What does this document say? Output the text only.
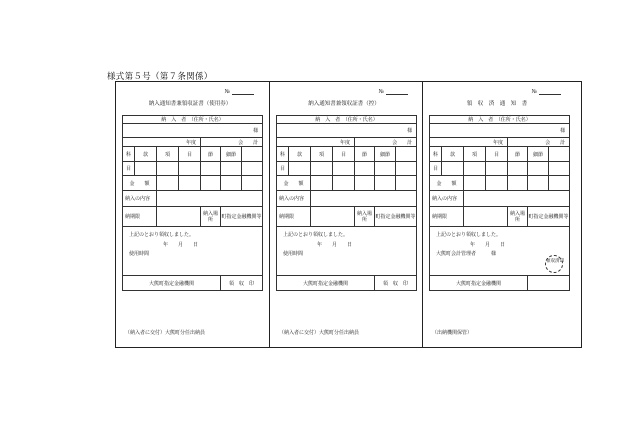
様式第５号（第７条関係）
№
納入通知書兼領収証書（使用券）
納　入　者　（住所・氏名）						
様						
年度				会　　計		
科	款	項	目	節	細節	
目						
金　　額						
納入の内容						
納期限				納入場所	町指定金融機関等	

上記のとおり領収しました。
年　　月　　日
使用時間						

大熊町指定金融機関					領　収　印	
（納入者に交付）大熊町分任出納員
№
納入通知書兼領収証書（控）
納　入　者　（住所・氏名）						
様						
年度				会　　計		
科	款	項	目	節	細節	
目						
金　　額						
納入の内容						
納期限				納入場所	町指定金融機関等	

上記のとおり領収しました。
年　　月　　日
使用時間						

大熊町指定金融機関					領　収　印	
（納入者に交付）大熊町分任出納員
№
領　収　済　通　知　書
納　入　者　（住所・氏名）						
様						
年度				会　　計		
科	款	項	目	節	細節	
目						
金　　額						
納入の内容						
納期限				納入場所	町指定金融機関等	

上記のとおり領収しました。
年　　月　　日
大熊町会計管理者　　　様
領収済印						

大熊町指定金融機関						
（出納機関保管）
